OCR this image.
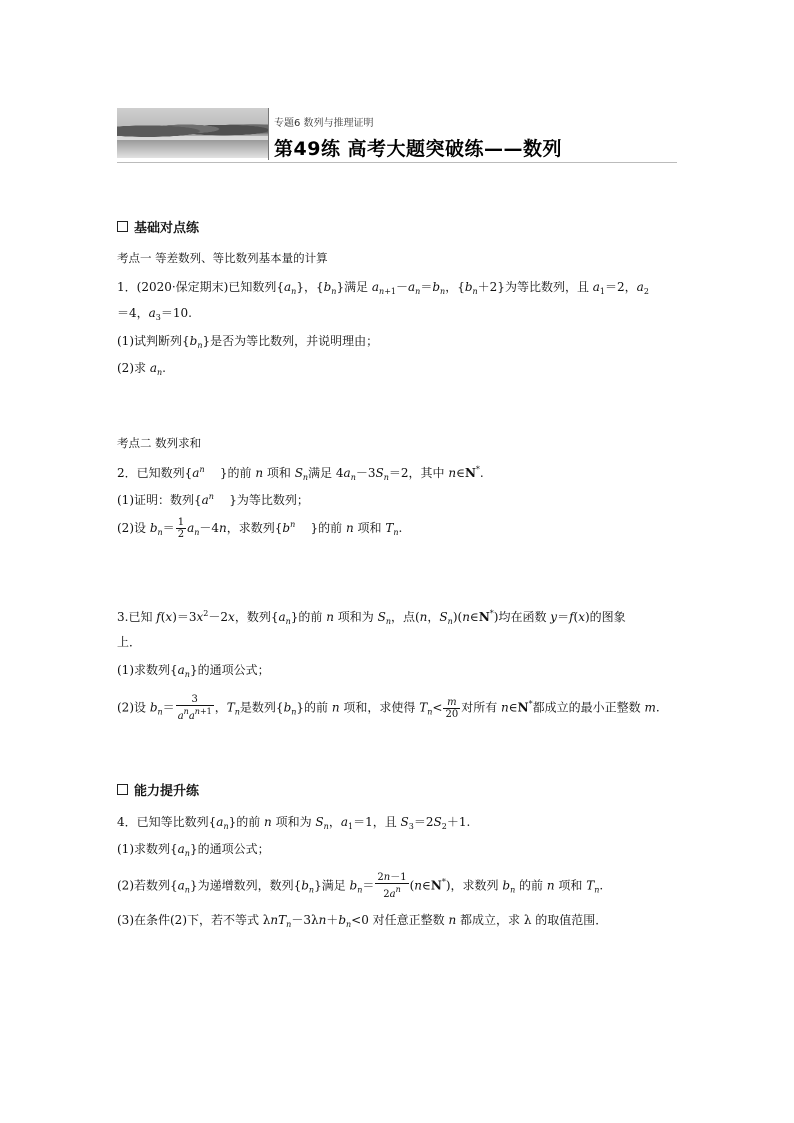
专题6 数列与推理证明
第49练 高考大题突破练——数列
基础对点练
考点一 等差数列、等比数列基本量的计算
1．(2020·保定期末)已知数列$\{a_n\}$，$\{b_n\}$满足 $a_{n+1}-a_n=b_n$，$\{b_n+2\}$为等比数列，且 $a_1=2$，$a_2$
＝4，$a_3=10$.
(1)试判断列$\{b_n\}$是否为等比数列，并说明理由；
(2)求 $a_n$.
考点二 数列求和
2．已知数列{$a^n$    }的前 n 项和 $S_n$满足 $4a_n-3S_n=2$，其中 n∈N*.
(1)证明：数列{$a^n$    }为等比数列；
(2)设 $b_n= \frac{1}{2} a_n-4n$，求数列{$b^n$    }的前 n 项和 $T_n$.
3.已知 $f(x)=3x^2-2x$，数列$\{a_n\}$的前 n 项和为 $S_n$，点(n，$S_n)(n\in N^*)$均在函数 y＝f(x)的图象
上．
(1)求数列$\{a_n\}$的通项公式；
(2)设 $b_n= \frac{3}{a^na^{n+1}}$ ，$T_n$是数列$\{b_n\}$的前 n 项和，求使得 $T_n< \frac{m}{20}$ 对所有 n∈N*都成立的最小正整数 m.
能力提升练
4．已知等比数列$\{a_n\}$的前 n 项和为 $S_n$，$a_1=1$，且 $S_3=2S_2+1$.
(1)求数列$\{a_n\}$的通项公式；
(2)若数列$\{a_n\}$为递增数列，数列$\{b_n\}$满足 $b_n= \frac{2n-1}{2a^n}$ (n∈N*)，求数列 $b_n$ 的前 n 项和 $T_n$.
(3)在条件(2)下，若不等式 $\lambda nT_n-3\lambda n+b_n<0$ 对任意正整数 n 都成立，求 λ 的取值范围．
